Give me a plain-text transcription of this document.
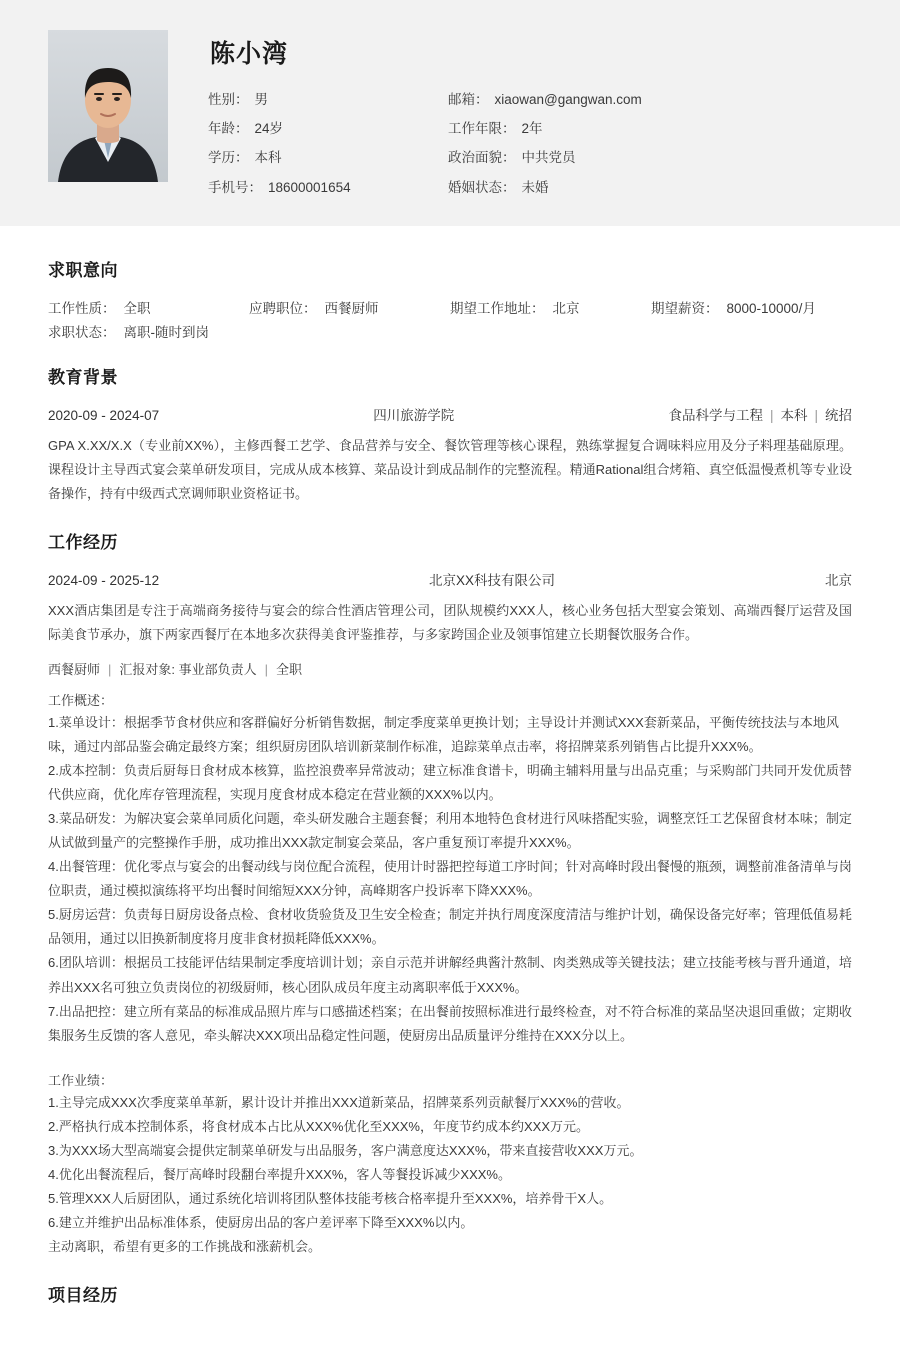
陈小湾
性别： 男	邮箱： xiaowan@gangwan.com
年龄： 24岁	工作年限： 2年
学历： 本科	政治面貌： 中共党员
手机号： 18600001654	婚姻状态： 未婚
求职意向
工作性质： 全职	应聘职位： 西餐厨师	期望工作地址： 北京	期望薪资： 8000-10000/月
求职状态： 离职-随时到岗
教育背景
2020-09 - 2024-07	四川旅游学院	食品科学与工程 | 本科 | 统招

GPA X.XX/X.X（专业前XX%），主修西餐工艺学、食品营养与安全、餐饮管理等核心课程，熟练掌握复合调味料应用及分子料理基础原理。课程设计主导西式宴会菜单研发项目，完成从成本核算、菜品设计到成品制作的完整流程。精通Rational组合烤箱、真空低温慢煮机等专业设备操作，持有中级西式烹调师职业资格证书。

工作经历
2024-09 - 2025-12	北京XX科技有限公司	北京

XXX酒店集团是专注于高端商务接待与宴会的综合性酒店管理公司，团队规模约XXX人，核心业务包括大型宴会策划、高端西餐厅运营及国际美食节承办，旗下两家西餐厅在本地多次获得美食评鉴推荐，与多家跨国企业及领事馆建立长期餐饮服务合作。

西餐厨师 | 汇报对象: 事业部负责人 | 全职
工作概述：
1.菜单设计：根据季节食材供应和客群偏好分析销售数据，制定季度菜单更换计划；主导设计并测试XXX套新菜品，平衡传统技法与本地风味，通过内部品鉴会确定最终方案；组织厨房团队培训新菜制作标准，追踪菜单点击率，将招牌菜系列销售占比提升XXX%。
2.成本控制：负责后厨每日食材成本核算，监控浪费率异常波动；建立标准食谱卡，明确主辅料用量与出品克重；与采购部门共同开发优质替代供应商，优化库存管理流程，实现月度食材成本稳定在营业额的XXX%以内。
3.菜品研发：为解决宴会菜单同质化问题，牵头研发融合主题套餐；利用本地特色食材进行风味搭配实验，调整烹饪工艺保留食材本味；制定从试做到量产的完整操作手册，成功推出XXX款定制宴会菜品，客户重复预订率提升XXX%。
4.出餐管理：优化零点与宴会的出餐动线与岗位配合流程，使用计时器把控每道工序时间；针对高峰时段出餐慢的瓶颈，调整前准备清单与岗位职责，通过模拟演练将平均出餐时间缩短XXX分钟，高峰期客户投诉率下降XXX%。
5.厨房运营：负责每日厨房设备点检、食材收货验货及卫生安全检查；制定并执行周度深度清洁与维护计划，确保设备完好率；管理低值易耗品领用，通过以旧换新制度将月度非食材损耗降低XXX%。
6.团队培训：根据员工技能评估结果制定季度培训计划；亲自示范并讲解经典酱汁熬制、肉类熟成等关键技法；建立技能考核与晋升通道，培养出XXX名可独立负责岗位的初级厨师，核心团队成员年度主动离职率低于XXX%。
7.出品把控：建立所有菜品的标准成品照片库与口感描述档案；在出餐前按照标准进行最终检查，对不符合标准的菜品坚决退回重做；定期收集服务生反馈的客人意见，牵头解决XXX项出品稳定性问题，使厨房出品质量评分维持在XXX分以上。
工作业绩：
1.主导完成XXX次季度菜单革新，累计设计并推出XXX道新菜品，招牌菜系列贡献餐厅XXX%的营收。
2.严格执行成本控制体系，将食材成本占比从XXX%优化至XXX%，年度节约成本约XXX万元。
3.为XXX场大型高端宴会提供定制菜单研发与出品服务，客户满意度达XXX%，带来直接营收XXX万元。
4.优化出餐流程后，餐厅高峰时段翻台率提升XXX%，客人等餐投诉减少XXX%。
5.管理XXX人后厨团队，通过系统化培训将团队整体技能考核合格率提升至XXX%，培养骨干X人。
6.建立并维护出品标准体系，使厨房出品的客户差评率下降至XXX%以内。
主动离职，希望有更多的工作挑战和涨薪机会。
项目经历
